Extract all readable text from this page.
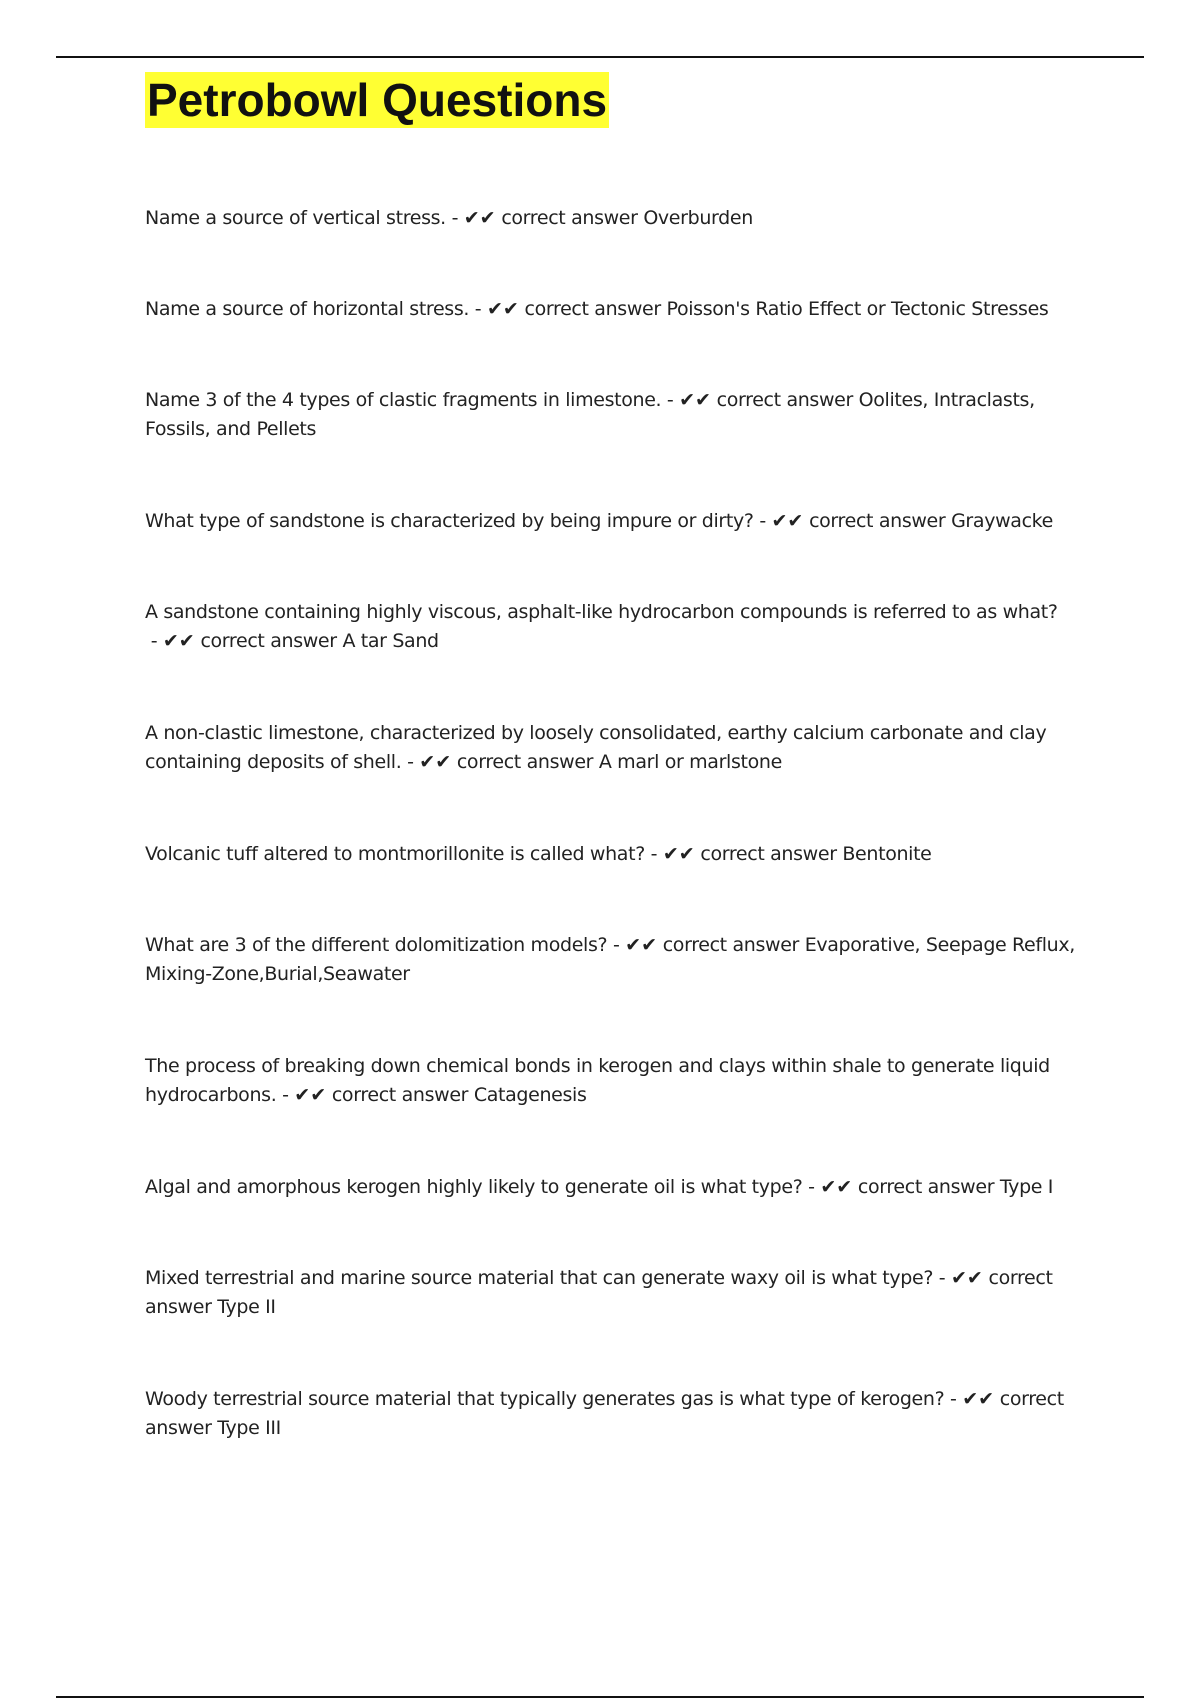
Petrobowl Questions
Name a source of vertical stress. - ✔✔ correct answer Overburden
Name a source of horizontal stress. - ✔✔ correct answer Poisson's Ratio Effect or Tectonic Stresses
Name 3 of the 4 types of clastic fragments in limestone. - ✔✔ correct answer Oolites, Intraclasts, Fossils, and Pellets
What type of sandstone is characterized by being impure or dirty? - ✔✔ correct answer Graywacke
A sandstone containing highly viscous, asphalt-like hydrocarbon compounds is referred to as what? - ✔✔ correct answer A tar Sand
A non-clastic limestone, characterized by loosely consolidated, earthy calcium carbonate and clay containing deposits of shell. - ✔✔ correct answer A marl or marlstone
Volcanic tuff altered to montmorillonite is called what? - ✔✔ correct answer Bentonite
What are 3 of the different dolomitization models? - ✔✔ correct answer Evaporative, Seepage Reflux, Mixing-Zone,Burial,Seawater
The process of breaking down chemical bonds in kerogen and clays within shale to generate liquid hydrocarbons. - ✔✔ correct answer Catagenesis
Algal and amorphous kerogen highly likely to generate oil is what type? - ✔✔ correct answer Type I
Mixed terrestrial and marine source material that can generate waxy oil is what type? - ✔✔ correct answer Type II
Woody terrestrial source material that typically generates gas is what type of kerogen? - ✔✔ correct answer Type III
